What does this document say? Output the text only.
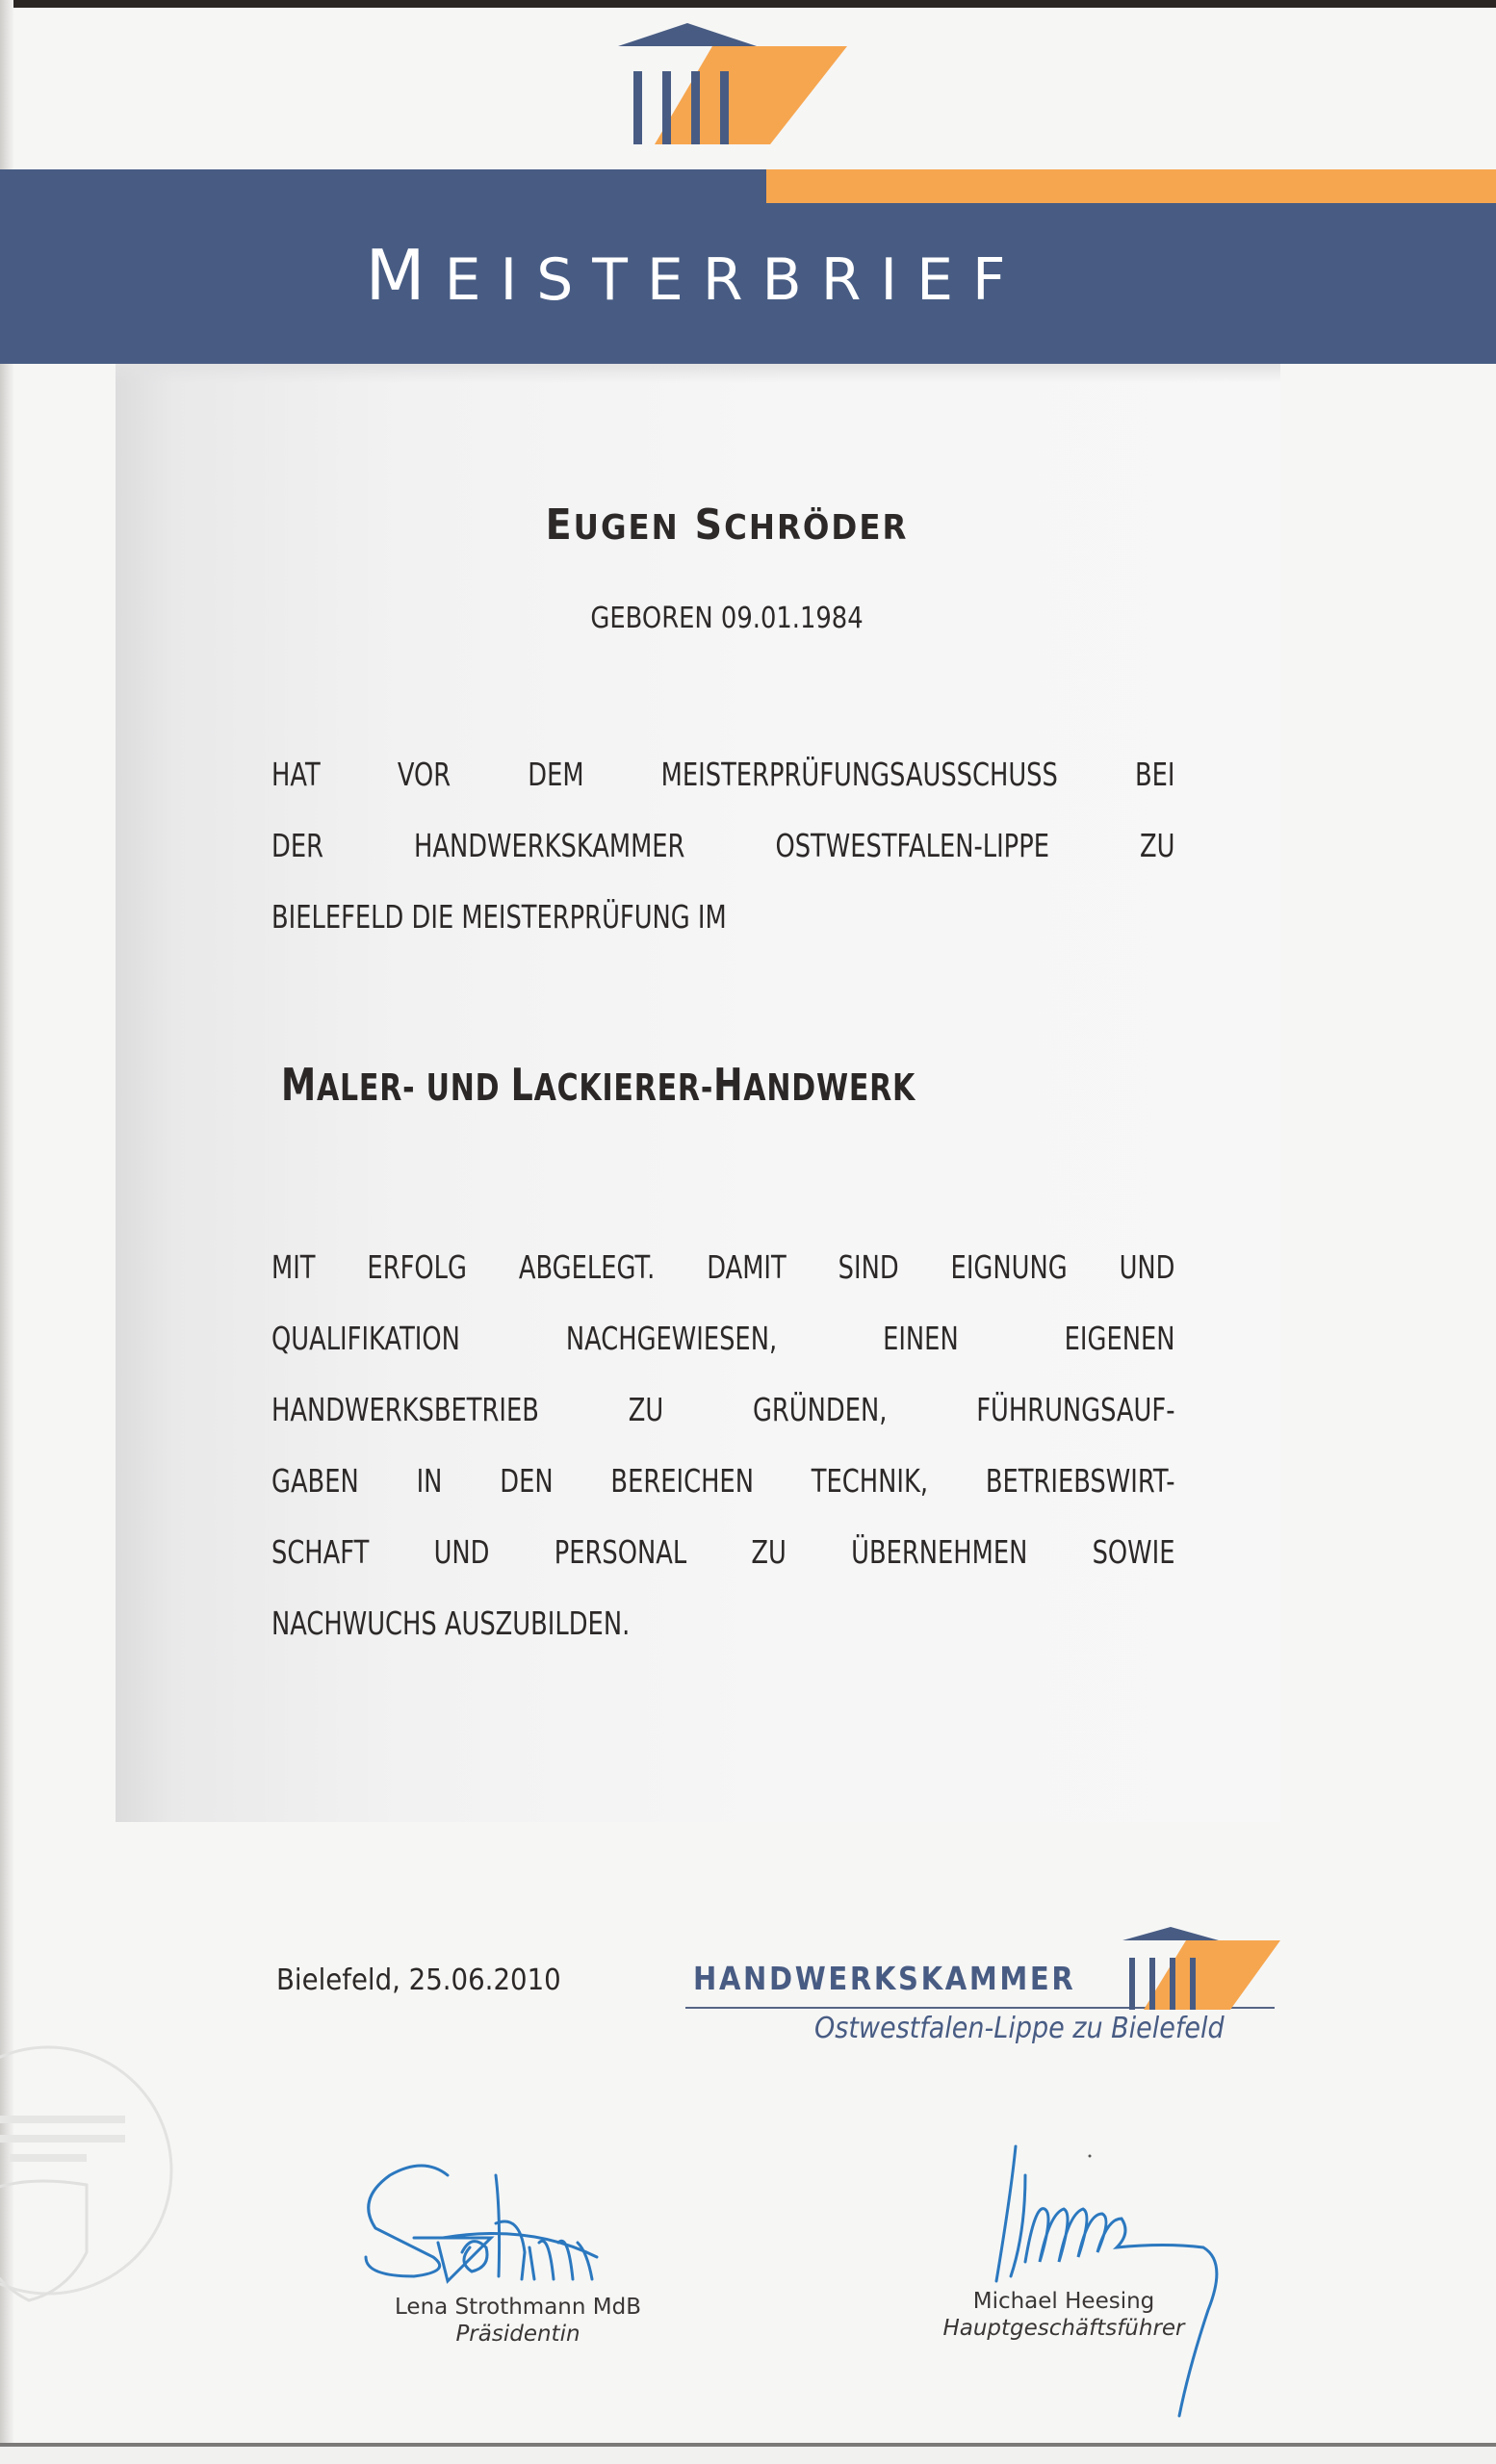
MEISTERBRIEF
EUGEN SCHRÖDER
GEBOREN 09.01.1984
HAT VOR DEM MEISTERPRÜFUNGSAUSSCHUSS BEI
DER HANDWERKSKAMMER OSTWESTFALEN-LIPPE ZU
BIELEFELD DIE MEISTERPRÜFUNG IM
MALER- UND LACKIERER-HANDWERK
MIT ERFOLG ABGELEGT. DAMIT SIND EIGNUNG UND
QUALIFIKATION NACHGEWIESEN, EINEN EIGENEN
HANDWERKSBETRIEB ZU GRÜNDEN, FÜHRUNGSAUF-
GABEN IN DEN BEREICHEN TECHNIK, BETRIEBSWIRT-
SCHAFT UND PERSONAL ZU ÜBERNEHMEN SOWIE
NACHWUCHS AUSZUBILDEN.
Bielefeld, 25.06.2010	HANDWERKSKAMMER
Ostwestfalen-Lippe zu Bielefeld
Lena Strothmann MdB
Präsidentin
Michael Heesing
Hauptgeschäftsführer
